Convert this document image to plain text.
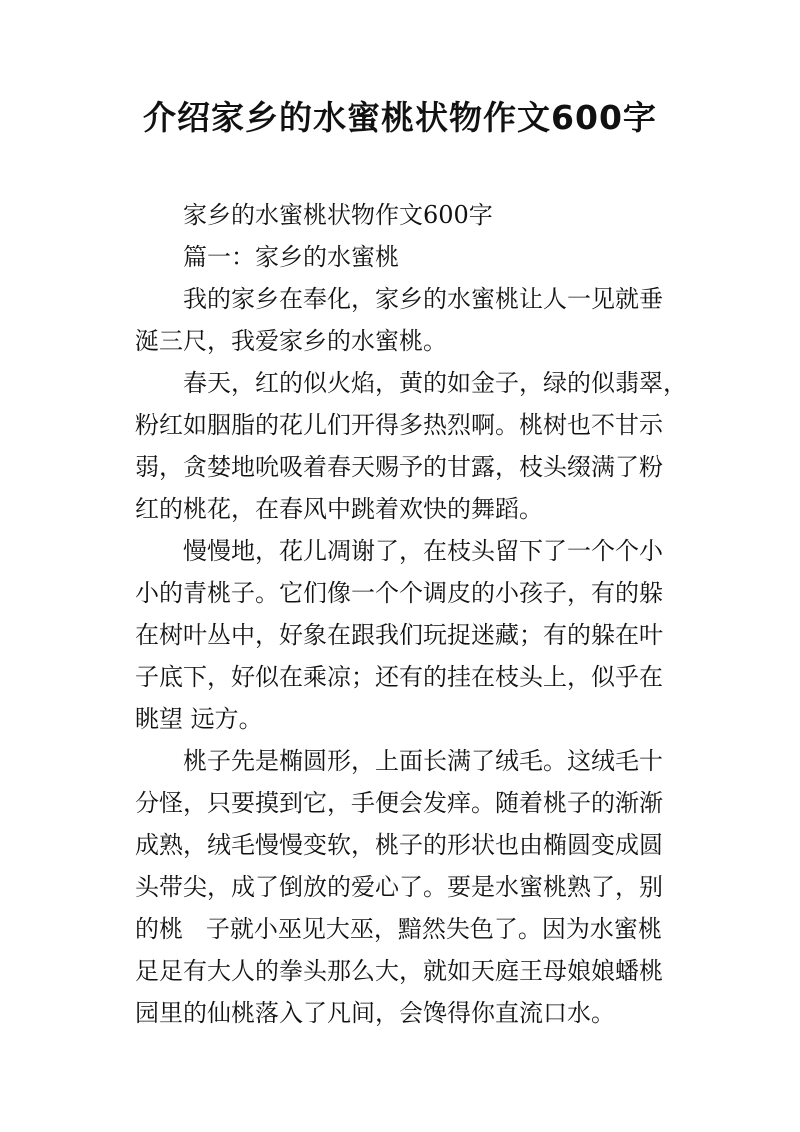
介绍家乡的水蜜桃状物作文600字
家乡的水蜜桃状物作文600字
篇一：家乡的水蜜桃
我的家乡在奉化，家乡的水蜜桃让人一见就垂
涎三尺，我爱家乡的水蜜桃。
春天，红的似火焰，黄的如金子，绿的似翡翠，
粉红如胭脂的花儿们开得多热烈啊。桃树也不甘示
弱，贪婪地吮吸着春天赐予的甘露，枝头缀满了粉
红的桃花，在春风中跳着欢快的舞蹈。
慢慢地，花儿凋谢了，在枝头留下了一个个小
小的青桃子。它们像一个个调皮的小孩子，有的躲
在树叶丛中，好象在跟我们玩捉迷藏；有的躲在叶
子底下，好似在乘凉；还有的挂在枝头上，似乎在
眺望 远方。
桃子先是椭圆形，上面长满了绒毛。这绒毛十
分怪，只要摸到它，手便会发痒。随着桃子的渐渐
成熟，绒毛慢慢变软，桃子的形状也由椭圆变成圆
头带尖，成了倒放的爱心了。要是水蜜桃熟了，别
的桃   子就小巫见大巫，黯然失色了。因为水蜜桃
足足有大人的拳头那么大，就如天庭王母娘娘蟠桃
园里的仙桃落入了凡间，会馋得你直流口水。
